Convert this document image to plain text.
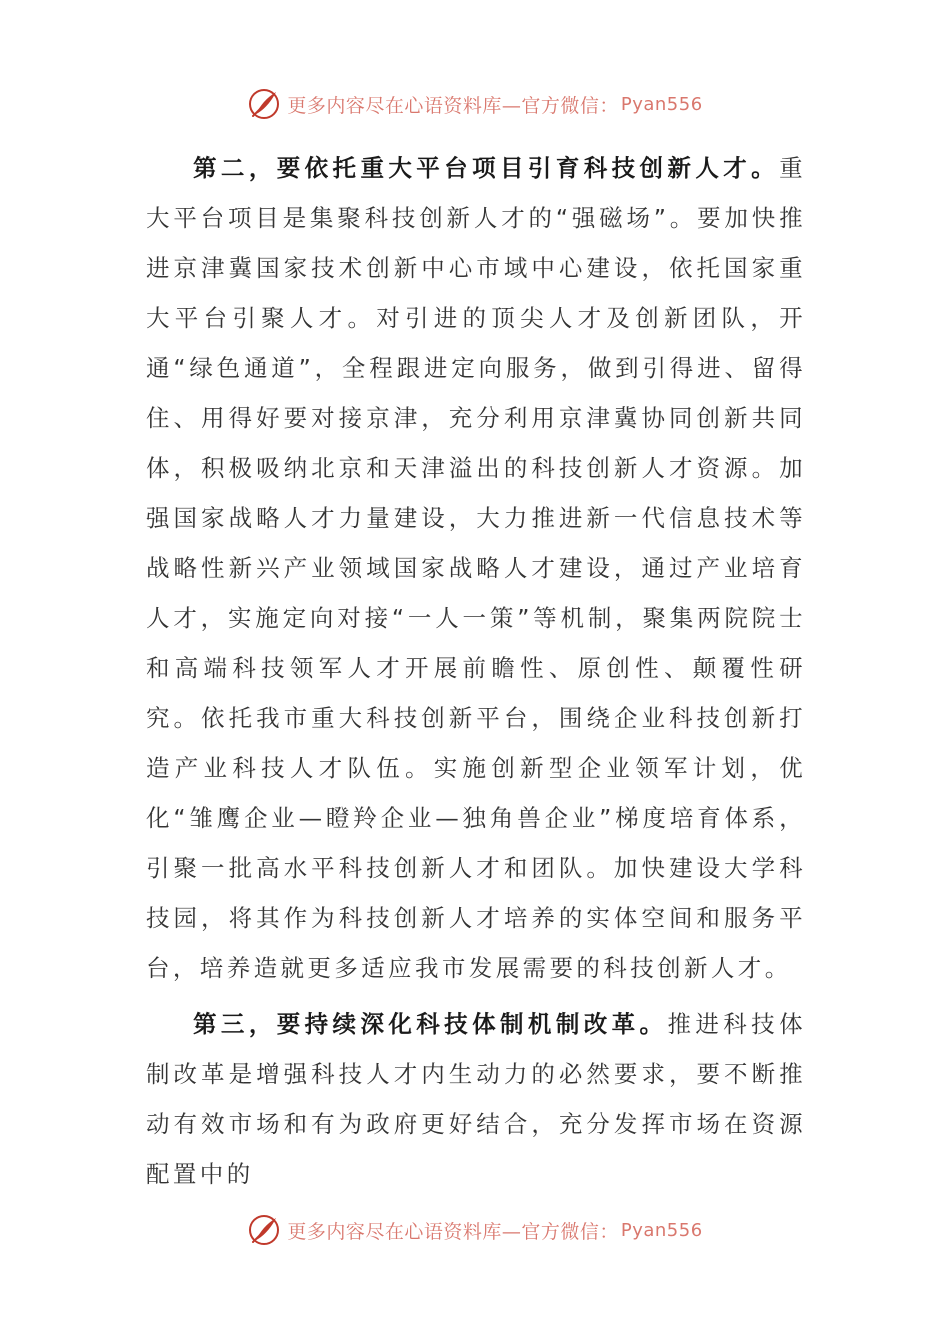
更多内容尽在心语资料库—官方微信： Pyan556

第二，要依托重大平台项目引育科技创新人才。重大平台项目是集聚科技创新人才的“强磁场”。要加快推进京津冀国家技术创新中心市域中心建设，依托国家重大平台引聚人才。对引进的顶尖人才及创新团队，开通“绿色通道”，全程跟进定向服务，做到引得进、留得住、用得好要对接京津，充分利用京津冀协同创新共同体，积极吸纳北京和天津溢出的科技创新人才资源。加强国家战略人才力量建设，大力推进新一代信息技术等战略性新兴产业领域国家战略人才建设，通过产业培育人才，实施定向对接“一人一策”等机制，聚集两院院士和高端科技领军人才开展前瞻性、原创性、颠覆性研究。依托我市重大科技创新平台，围绕企业科技创新打造产业科技人才队伍。实施创新型企业领军计划，优化“雏鹰企业—瞪羚企业—独角兽企业”梯度培育体系，引聚一批高水平科技创新人才和团队。加快建设大学科技园，将其作为科技创新人才培养的实体空间和服务平台，培养造就更多适应我市发展需要的科技创新人才。

第三，要持续深化科技体制机制改革。推进科技体制改革是增强科技人才内生动力的必然要求，要不断推动有效市场和有为政府更好结合，充分发挥市场在资源配置中的

更多内容尽在心语资料库—官方微信： Pyan556
